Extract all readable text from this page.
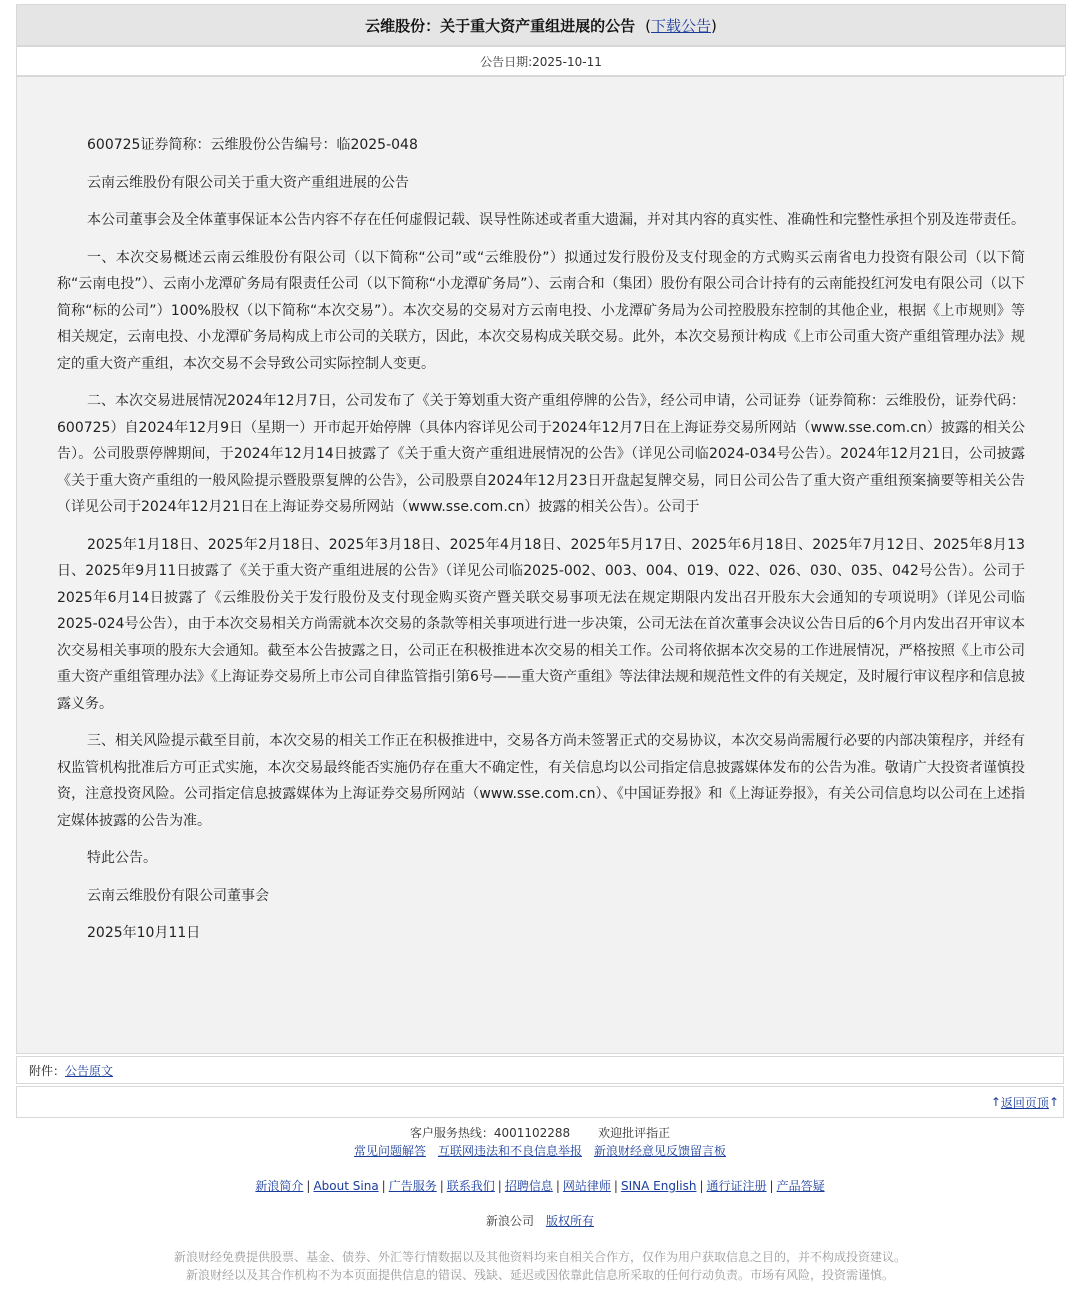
云维股份：关于重大资产重组进展的公告 (下载公告)
公告日期:2025-10-11

600725证券简称：云维股份公告编号：临2025-048

云南云维股份有限公司关于重大资产重组进展的公告

本公司董事会及全体董事保证本公告内容不存在任何虚假记载、误导性陈述或者重大遗漏，并对其内容的真实性、准确性和完整性承担个别及连带责任。

一、本次交易概述云南云维股份有限公司（以下简称“公司”或“云维股份”）拟通过发行股份及支付现金的方式购买云南省电力投资有限公司（以下简称“云南电投”）、云南小龙潭矿务局有限责任公司（以下简称“小龙潭矿务局”）、云南合和（集团）股份有限公司合计持有的云南能投红河发电有限公司（以下简称“标的公司”）100%股权（以下简称“本次交易”）。本次交易的交易对方云南电投、小龙潭矿务局为公司控股股东控制的其他企业，根据《上市规则》等相关规定，云南电投、小龙潭矿务局构成上市公司的关联方，因此，本次交易构成关联交易。此外，本次交易预计构成《上市公司重大资产重组管理办法》规定的重大资产重组，本次交易不会导致公司实际控制人变更。

二、本次交易进展情况2024年12月7日，公司发布了《关于筹划重大资产重组停牌的公告》，经公司申请，公司证券（证券简称：云维股份，证券代码：600725）自2024年12月9日（星期一）开市起开始停牌（具体内容详见公司于2024年12月7日在上海证券交易所网站（www.sse.com.cn）披露的相关公告）。公司股票停牌期间，于2024年12月14日披露了《关于重大资产重组进展情况的公告》（详见公司临2024-034号公告）。2024年12月21日，公司披露《关于重大资产重组的一般风险提示暨股票复牌的公告》，公司股票自2024年12月23日开盘起复牌交易，同日公司公告了重大资产重组预案摘要等相关公告（详见公司于2024年12月21日在上海证券交易所网站（www.sse.com.cn）披露的相关公告）。公司于

2025年1月18日、2025年2月18日、2025年3月18日、2025年4月18日、2025年5月17日、2025年6月18日、2025年7月12日、2025年8月13日、2025年9月11日披露了《关于重大资产重组进展的公告》（详见公司临2025-002、003、004、019、022、026、030、035、042号公告）。公司于2025年6月14日披露了《云维股份关于发行股份及支付现金购买资产暨关联交易事项无法在规定期限内发出召开股东大会通知的专项说明》（详见公司临2025-024号公告），由于本次交易相关方尚需就本次交易的条款等相关事项进行进一步决策，公司无法在首次董事会决议公告日后的6个月内发出召开审议本次交易相关事项的股东大会通知。截至本公告披露之日，公司正在积极推进本次交易的相关工作。公司将依据本次交易的工作进展情况，严格按照《上市公司重大资产重组管理办法》《上海证券交易所上市公司自律监管指引第6号——重大资产重组》等法律法规和规范性文件的有关规定，及时履行审议程序和信息披露义务。

三、相关风险提示截至目前，本次交易的相关工作正在积极推进中，交易各方尚未签署正式的交易协议，本次交易尚需履行必要的内部决策程序，并经有权监管机构批准后方可正式实施，本次交易最终能否实施仍存在重大不确定性，有关信息均以公司指定信息披露媒体发布的公告为准。敬请广大投资者谨慎投资，注意投资风险。公司指定信息披露媒体为上海证券交易所网站（www.sse.com.cn）、《中国证券报》和《上海证券报》，有关公司信息均以公司在上述指定媒体披露的公告为准。

特此公告。

云南云维股份有限公司董事会

2025年10月11日

附件： 公告原文
↑ 返回页顶 ↑
客户服务热线：4001102288 欢迎批评指正
常见问题解答 互联网违法和不良信息举报 新浪财经意见反馈留言板
新浪简介 | About Sina | 广告服务 | 联系我们 | 招聘信息 | 网站律师 | SINA English | 通行证注册 | 产品答疑
新浪公司 版权所有
新浪财经免费提供股票、基金、债券、外汇等行情数据以及其他资料均来自相关合作方，仅作为用户获取信息之目的，并不构成投资建议。
新浪财经以及其合作机构不为本页面提供信息的错误、残缺、延迟或因依靠此信息所采取的任何行动负责。市场有风险，投资需谨慎。
